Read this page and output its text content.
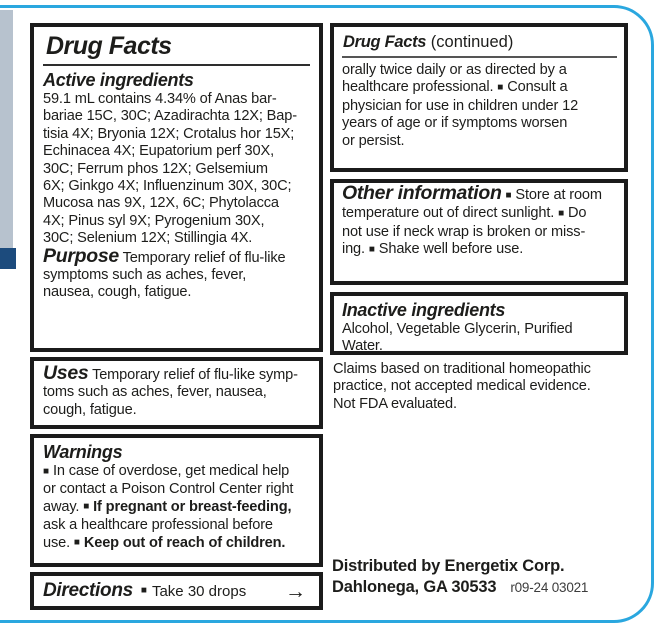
Drug Facts
Active ingredients
59.1 mL contains 4.34% of Anas bar-
bariae 15C, 30C; Azadirachta 12X; Bap-
tisia 4X; Bryonia 12X; Crotalus hor 15X;
Echinacea 4X; Eupatorium perf 30X,
30C; Ferrum phos 12X; Gelsemium
6X; Ginkgo 4X; Influenzinum 30X, 30C;
Mucosa nas 9X, 12X, 6C; Phytolacca
4X; Pinus syl 9X; Pyrogenium 30X,
30C; Selenium 12X; Stillingia 4X.
Purpose Temporary relief of flu-like
symptoms such as aches, fever,
nausea, cough, fatigue.
Uses Temporary relief of flu-like symp-
toms such as aches, fever, nausea,
cough, fatigue.
Warnings
■ In case of overdose, get medical help
or contact a Poison Control Center right
away. ■ If pregnant or breast-feeding,
ask a healthcare professional before
use. ■ Keep out of reach of children.
Directions ■ Take 30 drops →
Drug Facts (continued)
orally twice daily or as directed by a
healthcare professional. ■ Consult a
physician for use in children under 12
years of age or if symptoms worsen
or persist.
Other information ■ Store at room
temperature out of direct sunlight. ■ Do
not use if neck wrap is broken or miss-
ing. ■ Shake well before use.
Inactive ingredients
Alcohol, Vegetable Glycerin, Purified
Water.
Claims based on traditional homeopathic
practice, not accepted medical evidence.
Not FDA evaluated.
Distributed by Energetix Corp.
Dahlonega, GA 30533 r09-24 03021
